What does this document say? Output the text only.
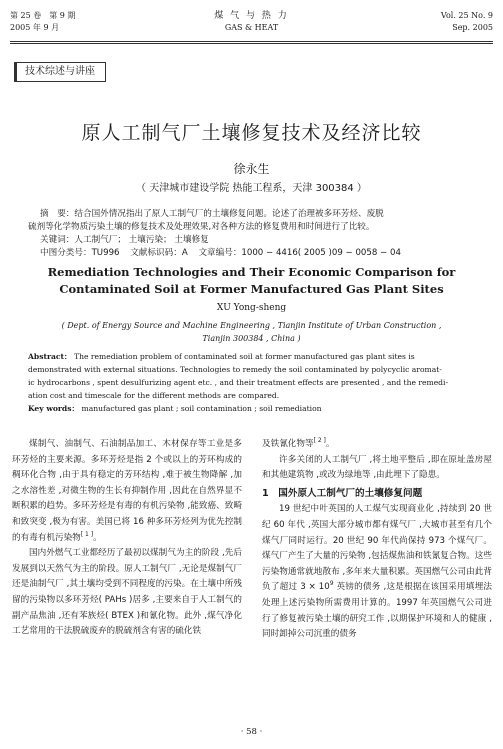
第 25 卷　第 9 期
2005 年 9 月
煤 气 与 热 力
GAS & HEAT
Vol. 25 No. 9
Sep. 2005
技术综述与讲座
原人工制气厂土壤修复技术及经济比较
徐永生
（ 天津城市建设学院 热能工程系，天津 300384 ）

摘　要：结合国外情况指出了原人工制气厂的土壤修复问题。论述了治理被多环芳烃、废脱

硫剂等化学物质污染土壤的修复技术及处理效果,对各种方法的修复费用和时间进行了比较。

关键词：人工制气厂； 土壤污染； 土壤修复

中图分类号：TU996 文献标识码：A 文章编号：1000 − 4416( 2005 )09 − 0058 − 04

Remediation Technologies and Their Economic Comparison for
Contaminated Soil at Former Manufactured Gas Plant Sites
XU Yong-sheng
( Dept. of Energy Source and Machine Engineering , Tianjin Institute of Urban Construction ,
Tianjin 300384 , China )

Abstract： The remediation problem of contaminated soil at former manufactured gas plant sites is

demonstrated with external situations. Technologies to remedy the soil contaminated by polycyclic aromat-

ic hydrocarbons , spent desulfurizing agent etc. , and their treatment effects are presented , and the remedi-

ation cost and timescale for the different methods are compared.

Key words： manufactured gas plant ; soil contamination ; soil remediation

煤制气、油制气、石油制品加工、木材保存等工业是多环芳烃的主要来源。多环芳烃是指 2 个或以上的芳环构成的稠环化合物 ,由于具有稳定的芳环结构 ,难于被生物降解 ,加之水溶性差 ,对微生物的生长有抑制作用 ,因此在自然界显不断积累的趋势。多环芳烃是有毒的有机污染物 ,能致癌、致畸和致突变 ,极为有害。美国已将 16 种多环芳烃列为优先控制的有毒有机污染物[ 1 ]。

国内外燃气工业都经历了最初以煤制气为主的阶段 ,先后发展到以天然气为主的阶段。原人工制气厂 ,无论是煤制气厂还是油制气厂 ,其土壤均受到不同程度的污染。在土壤中所残留的污染物以多环芳烃( PAHs )居多 ,主要来自于人工制气的副产品焦油 ,还有苯族烃( BTEX )和氰化物。此外 ,煤气净化工艺常用的干法脱硫废弃的脱硫剂含有害的硫化铁

及铁氰化物等[ 2 ]。

许多关闭的人工制气厂 ,将土地平整后 ,即在原址盖房屋和其他建筑物 ,或改为绿地等 ,由此埋下了隐患。

1　国外原人工制气厂的土壤修复问题

19 世纪中叶英国的人工煤气实现商业化 ,持续到 20 世纪 60 年代 ,英国大部分城市都有煤气厂 ,大城市甚至有几个煤气厂同时运行。20 世纪 90 年代尚保持 973 个煤气厂。煤气厂产生了大量的污染物 ,包括煤焦油和铁氰复合物。这些污染物通常就地散布 ,多年来大量积累。英国燃气公司由此背负了超过 $3 \times 10^9$ 英镑的债务 ,这是根据在该国采用填埋法处理上述污染物所需费用计算的。1997 年英国燃气公司进行了修复被污染土壤的研究工作 ,以期保护环境和人的健康 ,同时卸掉公司沉重的债务

· 58 ·
